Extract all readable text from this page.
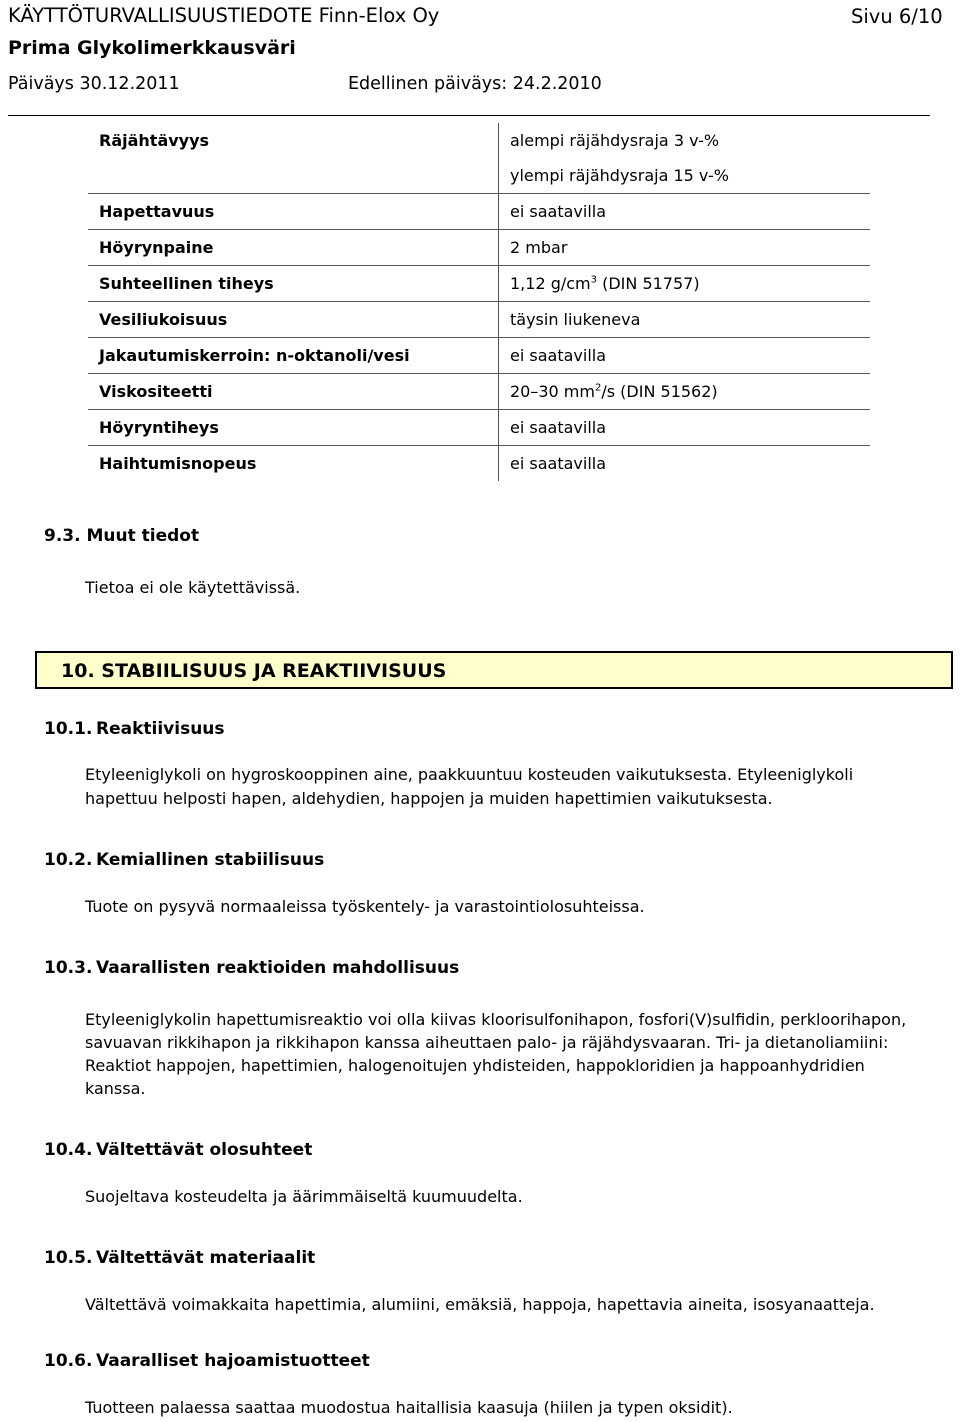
KÄYTTÖTURVALLISUUSTIEDOTE Finn-Elox Oy	Sivu 6/10
Prima Glykolimerkkausväri
Päiväys 30.12.2011	Edellinen päiväys: 24.2.2010
Räjähtävyys	alempi räjähdysraja 3 v-%
	ylempi räjähdysraja 15 v-%
Hapettavuus	ei saatavilla
Höyrynpaine	2 mbar
Suhteellinen tiheys	1,12 $g/cm^3$ (DIN 51757)
Vesiliukoisuus	täysin liukeneva
Jakautumiskerroin: n-oktanoli/vesi	ei saatavilla
Viskositeetti	20–30 $mm^2/s$ (DIN 51562)
Höyryntiheys	ei saatavilla
Haihtumisnopeus	ei saatavilla
9.3. Muut tiedot
Tietoa ei ole käytettävissä.
10. STABIILISUUS JA REAKTIIVISUUS
10.1. Reaktiivisuus
Etyleeniglykoli on hygroskooppinen aine, paakkuuntuu kosteuden vaikutuksesta. Etyleeniglykoli
hapettuu helposti hapen, aldehydien, happojen ja muiden hapettimien vaikutuksesta.
10.2. Kemiallinen stabiilisuus
Tuote on pysyvä normaaleissa työskentely- ja varastointiolosuhteissa.
10.3. Vaarallisten reaktioiden mahdollisuus
Etyleeniglykolin hapettumisreaktio voi olla kiivas kloorisulfonihapon, fosfori(V)sulfidin, perkloorihapon,
savuavan rikkihapon ja rikkihapon kanssa aiheuttaen palo- ja räjähdysvaaran. Tri- ja dietanoliamiini:
Reaktiot happojen, hapettimien, halogenoitujen yhdisteiden, happokloridien ja happoanhydridien
kanssa.
10.4. Vältettävät olosuhteet
Suojeltava kosteudelta ja äärimmäiseltä kuumuudelta.
10.5. Vältettävät materiaalit
Vältettävä voimakkaita hapettimia, alumiini, emäksiä, happoja, hapettavia aineita, isosyanaatteja.
10.6. Vaaralliset hajoamistuotteet
Tuotteen palaessa saattaa muodostua haitallisia kaasuja (hiilen ja typen oksidit).
